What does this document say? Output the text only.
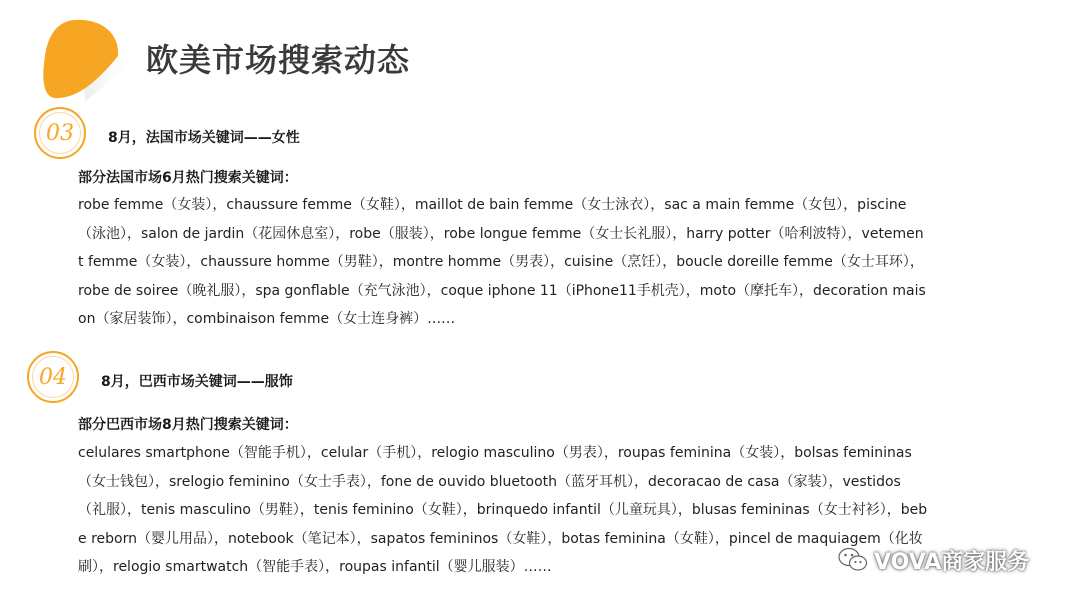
欧美市场搜索动态
03 8月，法国市场关键词——女性
部分法国市场6月热门搜索关键词：

robe femme（女装），chaussure femme（女鞋），maillot de bain femme（女士泳衣），sac a main femme（女包），piscine（泳池），salon de jardin（花园休息室），robe（服装），robe longue femme（女士长礼服），harry potter（哈利波特），vetement femme（女装），chaussure homme（男鞋），montre homme（男表），cuisine（烹饪），boucle doreille femme（女士耳环），robe de soiree（晚礼服），spa gonflable（充气泳池），coque iphone 11（iPhone11手机壳），moto（摩托车），decoration maison（家居装饰），combinaison femme（女士连身裤）……

04 8月，巴西市场关键词——服饰
部分巴西市场8月热门搜索关键词：

celulares smartphone（智能手机），celular（手机），relogio masculino（男表），roupas feminina（女装），bolsas femininas（女士钱包），srelogio feminino（女士手表），fone de ouvido bluetooth（蓝牙耳机），decoracao de casa（家装），vestidos（礼服），tenis masculino（男鞋），tenis feminino（女鞋），brinquedo infantil（儿童玩具），blusas femininas（女士衬衫），bebe reborn（婴儿用品），notebook（笔记本），sapatos femininos（女鞋），botas feminina（女鞋），pincel de maquiagem（化妆刷），relogio smartwatch（智能手表），roupas infantil（婴儿服装）……	VOVA商家服务
